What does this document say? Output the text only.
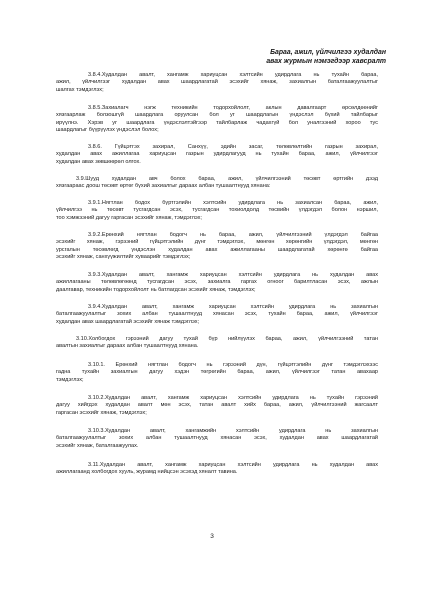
Бараа, ажил, үйлчилгээ худалдан
авах журмын нэмэгдээр хавсралт
3.8.4.Худалдан авалт, хангамж хариуцсан хэлтсийн удирдлага нь тухайн бараа,
ажил, үйлчилгээг худалдан авах шаардлагатай эсэхийг хянаж, захиалгын баталгаажуулалтыг
шалгах тэмдэглэх;
3.8.5.Захиалагч нэгж техникийн тодорхойлолт, аклын давалгаарт өрсөлдөөнийг
хязгаарлаж болзошгүй шаардлага оруулсан бол уг шаардлагын үндэслэл бүхий тайлбарыг
ирүүлнэ. Хэрэв уг шаардлага үндэслэлтэйгээр тайлбарлаж чадахгүй бол уналгээний хороо тус
шаардлагыг бүүрүүлэх үндэслэл болох;
3.8.6. Гүйцэтгэх захирал, Санхүү, эдийн засаг, төлөвлөлтийн газрын захирал,
худалдан авах ажиллагаа хариуцсан газрын удирдлагууд нь тухайн бараа, ажил, үйлчилгээг
худалдан авах зөвшөөрөл олгох.
3.9.Шууд худалдан авч болох бараа, ажил, үйлчилгээний төсөвт өртгийн дээд
хязгаарааc доош төсөвт өртөг бүхий захиалгыг дараах албан тушаалтнууд хянана:
3.9.1.Нягтлан бодох бүртгэлийн хэлтсийн удирдлага нь захиалсан бараа, ажил,
үйлчилгээ нь төсөвт тусгагдсан эсэх, тусгагдсан тохиолдолд төсвийн үлдэгдэл болон нэршил,
тоо хэмжээний дагуу гаргасан эсэхийг хянаж, тэмдэглэх;
3.9.2.Ерөнхий нягтлан бодогч нь бараа, ажил, үйлчилгээний үлдэгдэл байгаа
эсэхийг хянаж, гэрээний гүйцэтгэлийн дүнг тэмдэглэх, мөнгөн хөрөнгийн үлдэгдэл, мөнгөн
урсгалын төсөвлөгд үндэслэн худалдан авах ажиллагааны шаардлагатай хөрөнгө байгаа
эсэхийг хянаж, санхүүжилтийг хуваарийг тэмдэглэх;
3.9.3.Худалдан авалт, хангамж хариуцсан хэлтсийн удирдлага нь худалдан авах
ажиллагааны төлөвлөгөөнд тусгагдсан эсэх, захиалга гаргах огноог барилтласан эсэх, ажлын
даалгавар, техникийн тодорхойлолт нь батлагдсан эсэхийг хянаж, тэмдэглэх;
3.9.4.Худалдан авалт, хангамж хариуцсан хэлтсийн удирдлага нь захиалгын
баталгаажуулалтыг зохих албан тушаалтнууд хянасан эсэх, тухайн бараа, ажил, үйлчилгээг
худалдан авах шаардлагатай эсэхийг хянаж тэмдэглэх;
3.10.Холбогдох гэрээний дагуу тухай бүр нийлүүлэх бараа, ажил, үйлчилгээний татан
авалтын захиалгыг дараах албан тушаалтнууд хянана.
3.10.1. Ерөнхий нягтлан бодогч нь гэрээний дүн, гүйцэтгэлийн дүнг тэмдэглэхээс
гадна тухайн захиалгын дагуу хэдэн төгрөгийн бараа, ажил, үйлчилгээг татан авахаар
тэмдэглэх;
3.10.2.Худалдан авалт, хангамж хариуцсан хэлтсийн удирдлага нь тухайн гэрээний
дагуу хийгдэх худалдан авалт мөн эсэх, татан авалт хийх бараа, ажил, үйлчилгээний жагсаалт
гаргасан эсэхийг хянаж, тэмдэглэх;
3.10.3.Худалдан авалт, хангамжийн хэлтсийн удирдлага нь захиалгын
баталгаажуулалтыг зохих албан тушаалтнууд хянасан эсэх, худалдан авах шаардлагатай
эсэхийг хянаж, баталгаажуулах.
3.11.Худалдан авалт, хангамж хариуцсан хэлтсийн удирдлага нь худалдан авах
ажиллагаанд холбогдох хууль, журамд нийцсэн эсэхэд хяналт тавина.
3
